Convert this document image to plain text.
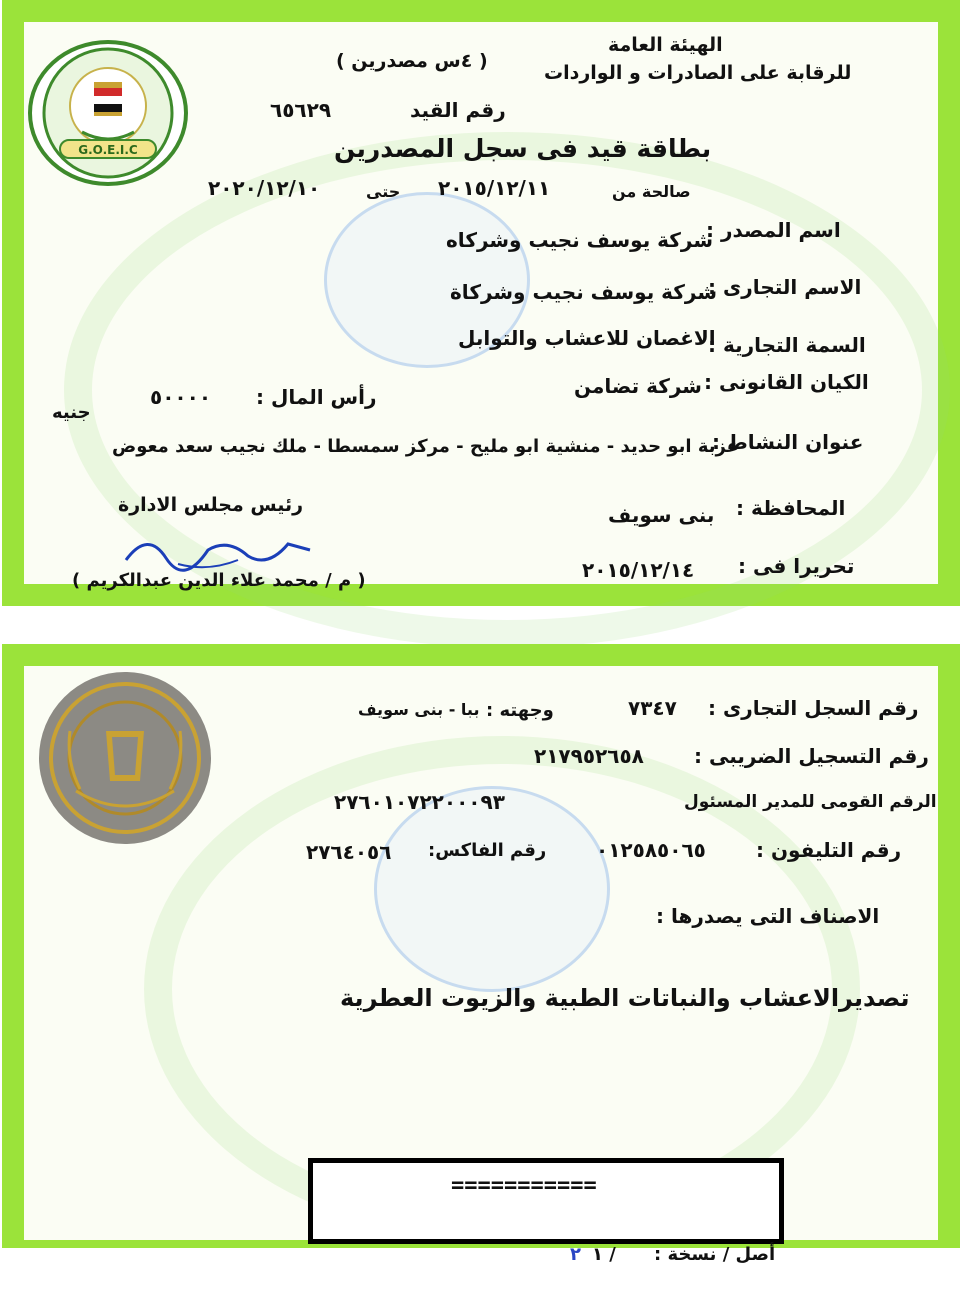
G.O.E.I.C
الهيئة العامة
للرقابة على الصادرات و الواردات
( ٤س مصدرين )
رقم القيد
٦٥٦٢٩
بطاقة قيد فى سجل المصدرين
صالحة من
٢٠١٥/١٢/١١
حتى
٢٠٢٠/١٢/١٠
اسم المصدر :
شركة يوسف نجيب وشركاه
الاسم التجارى :
شركة يوسف نجيب وشركاة
السمة التجارية :
الاغصان للاعشاب والتوابل
الكيان القانونى :
شركة تضامن
رأس المال :
٥٠٠٠٠
جنيه
عنوان النشاط :
عزبة ابو حديد - منشية ابو مليح - مركز سمسطا - ملك نجيب سعد معوض
المحافظة :
بنى سويف
تحريرا فى :
٢٠١٥/١٢/١٤
رئيس مجلس الادارة
( م / محمد علاء الدين عبدالكريم )
رقم السجل التجارى :
٧٣٤٧
وجهته :
ببا - بنى سويف
رقم التسجيل الضريبى :
٢١٧٩٥٢٦٥٨
الرقم القومى للمدير المسئول
٢٧٦٠١٠٧٢٢٠٠٠٩٣
رقم التليفون :
٠١٢٥٨٥٠٦٥
رقم الفاكس:
٢٧٦٤٠٥٦
الاصناف التى يصدرها :
تصديرالاعشاب والنباتات الطبية والزيوت العطرية
===========
أصل / نسخة :
١ /
٢
